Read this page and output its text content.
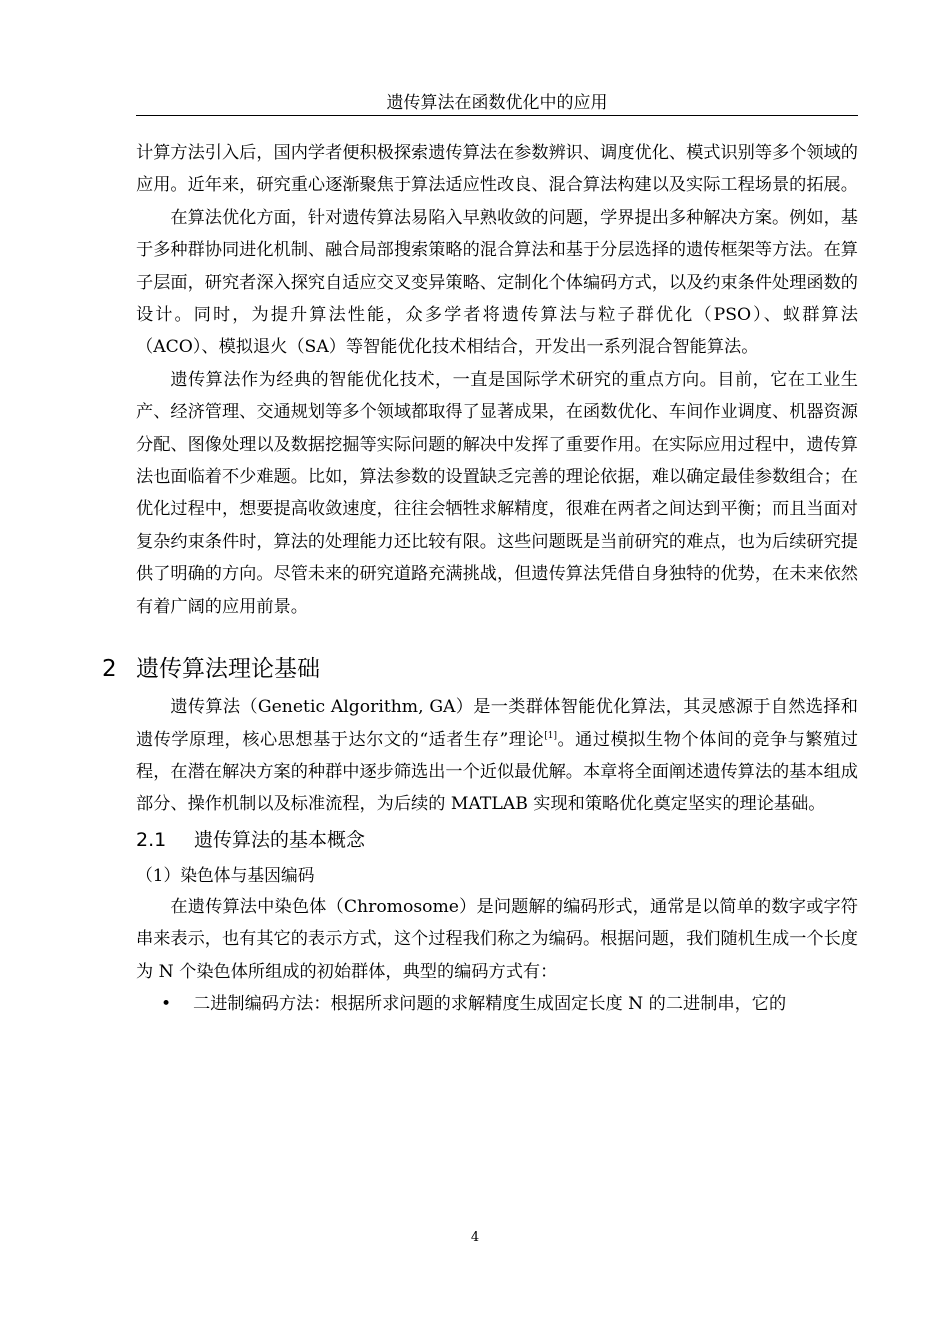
遗传算法在函数优化中的应用

计算方法引入后，国内学者便积极探索遗传算法在参数辨识、调度优化、模式识别等多个领域的应用。近年来，研究重心逐渐聚焦于算法适应性改良、混合算法构建以及实际工程场景的拓展。

在算法优化方面，针对遗传算法易陷入早熟收敛的问题，学界提出多种解决方案。例如，基于多种群协同进化机制、融合局部搜索策略的混合算法和基于分层选择的遗传框架等方法。在算子层面，研究者深入探究自适应交叉变异策略、定制化个体编码方式，以及约束条件处理函数的设计。同时，为提升算法性能，众多学者将遗传算法与粒子群优化（PSO）、蚁群算法（ACO）、模拟退火（SA）等智能优化技术相结合，开发出一系列混合智能算法。

遗传算法作为经典的智能优化技术，一直是国际学术研究的重点方向。目前，它在工业生产、经济管理、交通规划等多个领域都取得了显著成果，在函数优化、车间作业调度、机器资源分配、图像处理以及数据挖掘等实际问题的解决中发挥了重要作用。在实际应用过程中，遗传算法也面临着不少难题。比如，算法参数的设置缺乏完善的理论依据，难以确定最佳参数组合；在优化过程中，想要提高收敛速度，往往会牺牲求解精度，很难在两者之间达到平衡；而且当面对复杂约束条件时，算法的处理能力还比较有限。这些问题既是当前研究的难点，也为后续研究提供了明确的方向。尽管未来的研究道路充满挑战，但遗传算法凭借自身独特的优势，在未来依然有着广阔的应用前景。

2 遗传算法理论基础

遗传算法（Genetic Algorithm, GA）是一类群体智能优化算法，其灵感源于自然选择和遗传学原理，核心思想基于达尔文的“适者生存”理论[1]。通过模拟生物个体间的竞争与繁殖过程，在潜在解决方案的种群中逐步筛选出一个近似最优解。本章将全面阐述遗传算法的基本组成部分、操作机制以及标准流程，为后续的 MATLAB 实现和策略优化奠定坚实的理论基础。

2.1 遗传算法的基本概念

（1）染色体与基因编码

在遗传算法中染色体（Chromosome）是问题解的编码形式，通常是以简单的数字或字符串来表示，也有其它的表示方式，这个过程我们称之为编码。根据问题，我们随机生成一个长度为 N 个染色体所组成的初始群体，典型的编码方式有：

• 二进制编码方法：根据所求问题的求解精度生成固定长度 N 的二进制串，它的

4
